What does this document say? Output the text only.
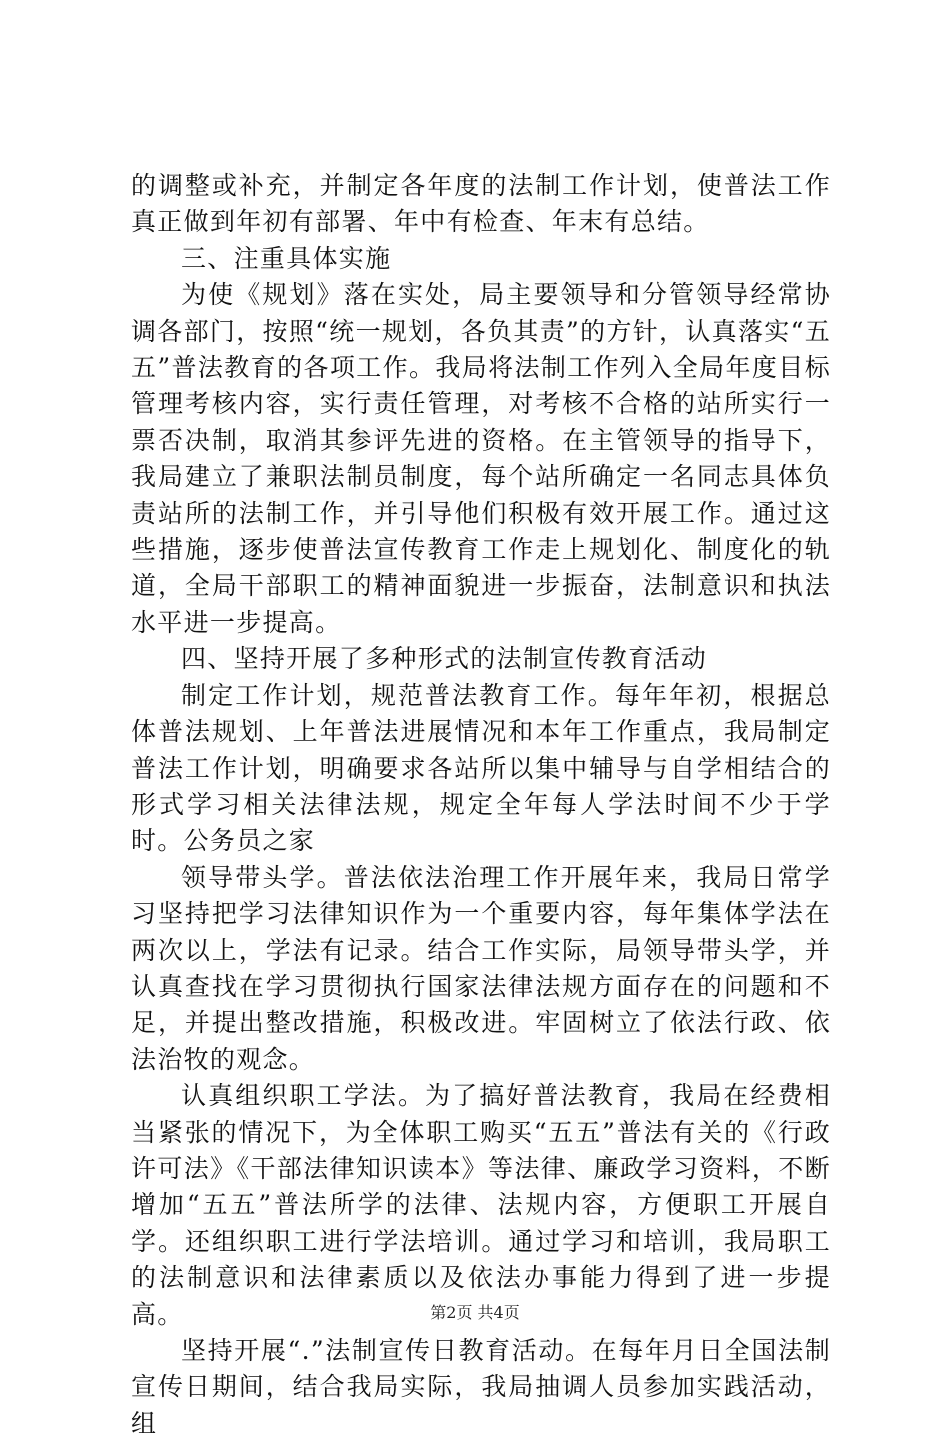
的调整或补充，并制定各年度的法制工作计划，使普法工作真正做到年初有部署、年中有检查、年末有总结。

三、注重具体实施

为使《规划》落在实处，局主要领导和分管领导经常协调各部门，按照“统一规划，各负其责”的方针，认真落实“五五”普法教育的各项工作。我局将法制工作列入全局年度目标管理考核内容，实行责任管理，对考核不合格的站所实行一票否决制，取消其参评先进的资格。在主管领导的指导下，我局建立了兼职法制员制度，每个站所确定一名同志具体负责站所的法制工作，并引导他们积极有效开展工作。通过这些措施，逐步使普法宣传教育工作走上规划化、制度化的轨道，全局干部职工的精神面貌进一步振奋，法制意识和执法水平进一步提高。

四、坚持开展了多种形式的法制宣传教育活动

制定工作计划，规范普法教育工作。每年年初，根据总体普法规划、上年普法进展情况和本年工作重点，我局制定普法工作计划，明确要求各站所以集中辅导与自学相结合的形式学习相关法律法规，规定全年每人学法时间不少于学时。公务员之家

领导带头学。普法依法治理工作开展年来，我局日常学习坚持把学习法律知识作为一个重要内容，每年集体学法在两次以上，学法有记录。结合工作实际，局领导带头学，并认真查找在学习贯彻执行国家法律法规方面存在的问题和不足，并提出整改措施，积极改进。牢固树立了依法行政、依法治牧的观念。

认真组织职工学法。为了搞好普法教育，我局在经费相当紧张的情况下，为全体职工购买“五五”普法有关的《行政许可法》《干部法律知识读本》等法律、廉政学习资料，不断增加“五五”普法所学的法律、法规内容，方便职工开展自学。还组织职工进行学法培训。通过学习和培训，我局职工的法制意识和法律素质以及依法办事能力得到了进一步提高。

坚持开展“.”法制宣传日教育活动。在每年月日全国法制宣传日期间，结合我局实际，我局抽调人员参加实践活动，组

第2页 共4页
